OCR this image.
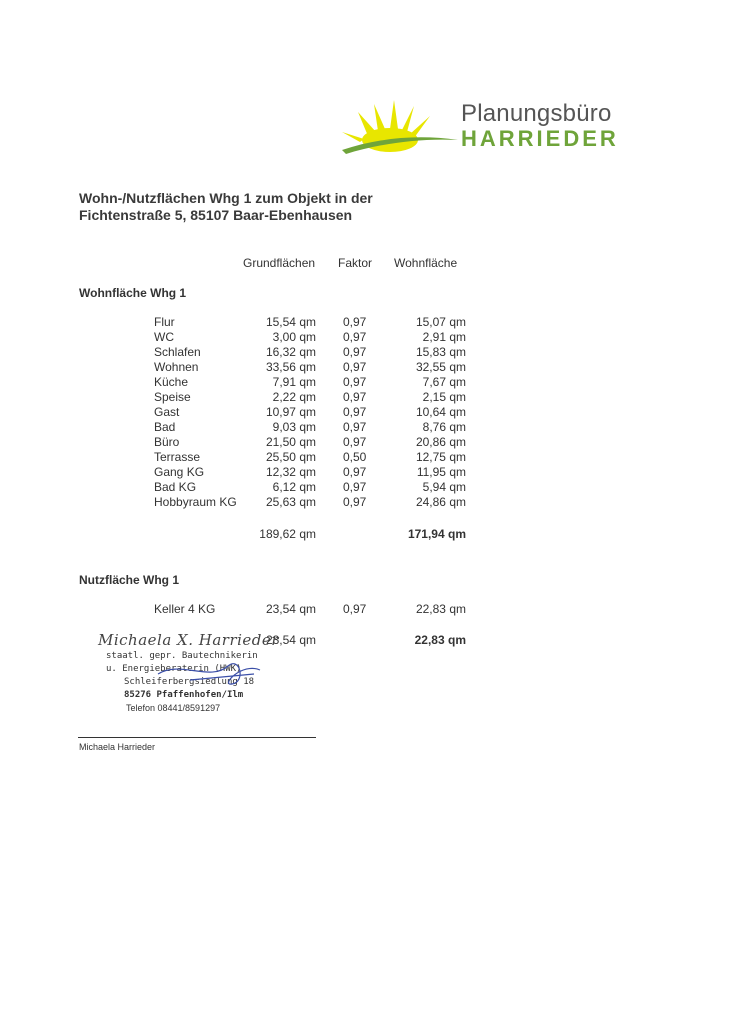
Planungsbüro
HARRIEDER
Wohn-/Nutzflächen Whg 1 zum Objekt in der
Fichtenstraße 5, 85107 Baar-Ebenhausen
Grundflächen Faktor Wohnfläche
Wohnfläche Whg 1
Flur	15,54 qm 0,97	15,07 qm
WC	3,00 qm 0,97	2,91 qm
Schlafen	16,32 qm 0,97	15,83 qm
Wohnen	33,56 qm 0,97	32,55 qm
Küche	7,91 qm 0,97	7,67 qm
Speise	2,22 qm 0,97	2,15 qm
Gast	10,97 qm 0,97	10,64 qm
Bad	9,03 qm 0,97	8,76 qm
Büro	21,50 qm 0,97	20,86 qm
Terrasse	25,50 qm 0,50	12,75 qm
Gang KG	12,32 qm 0,97	11,95 qm
Bad KG	6,12 qm 0,97	5,94 qm
Hobbyraum KG 25,63 qm 0,97	24,86 qm
189,62 qm	171,94 qm
Nutzfläche Whg 1
Keller 4 KG	23,54 qm 0,97	22,83 qm
23,54 qm	22,83 qm
Michaela X. Harrieder
staatl. gepr. Bautechnikerin
u. Energieberaterin (HWK)
Schleiferbergsiedlung 18
85276 Pfaffenhofen/Ilm
Telefon 08441/8591297
Michaela Harrieder
